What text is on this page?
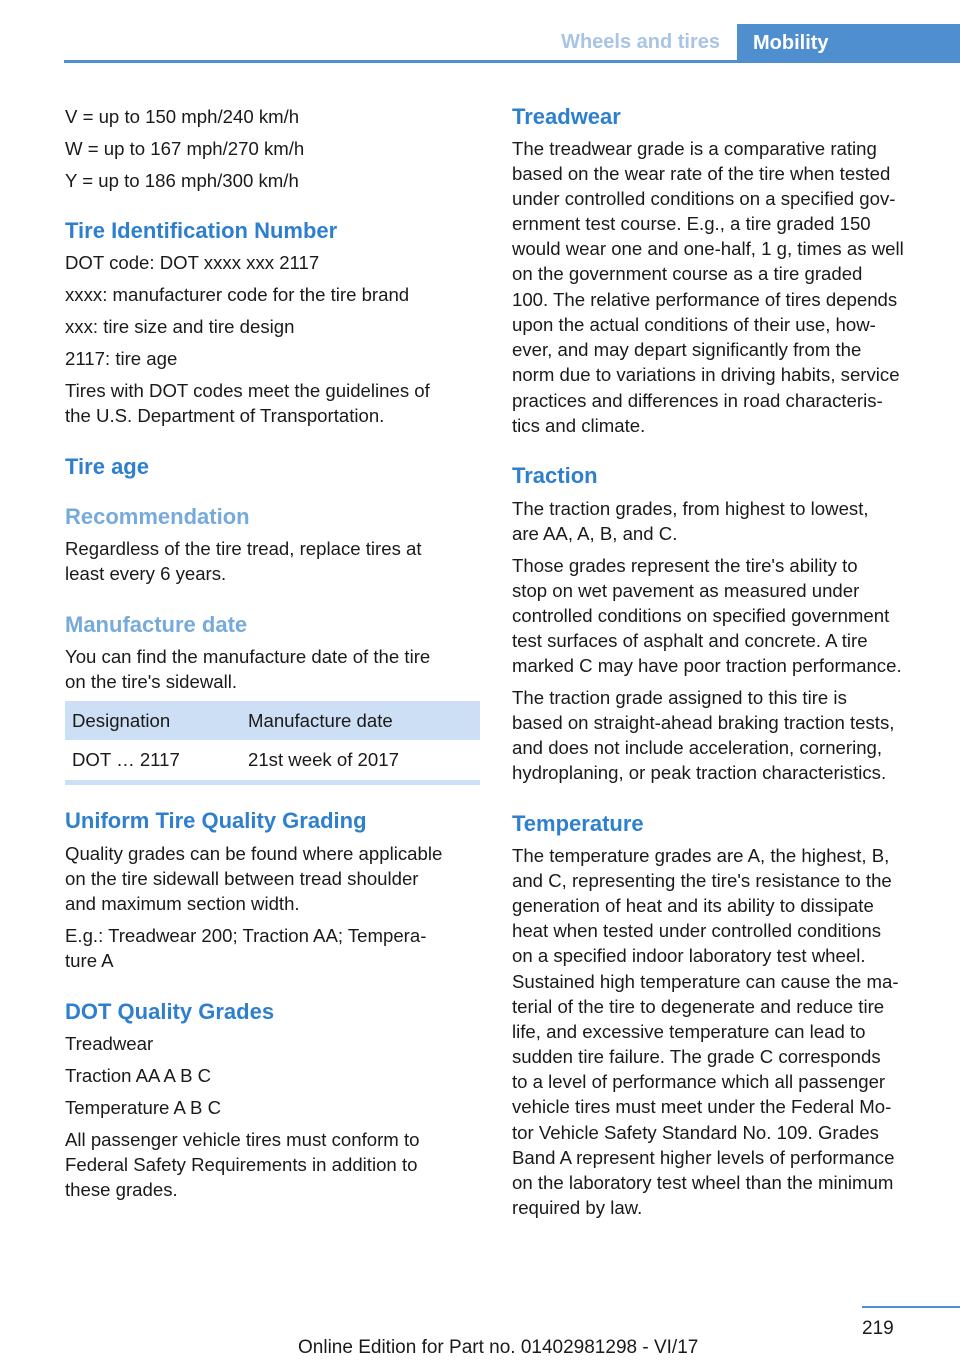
Wheels and tires	Mobility
V = up to 150 mph/240 km/h
W = up to 167 mph/270 km/h
Y = up to 186 mph/300 km/h
Tire Identification Number
DOT code: DOT xxxx xxx 2117
xxxx: manufacturer code for the tire brand
xxx: tire size and tire design
2117: tire age
Tires with DOT codes meet the guidelines of
the U.S. Department of Transportation.
Tire age
Recommendation
Regardless of the tire tread, replace tires at
least every 6 years.
Manufacture date
You can find the manufacture date of the tire
on the tire's sidewall.
Designation	Manufacture date
DOT … 2117	21st week of 2017
Uniform Tire Quality Grading
Quality grades can be found where applicable
on the tire sidewall between tread shoulder
and maximum section width.
E.g.: Treadwear 200; Traction AA; Tempera‐
ture A
DOT Quality Grades
Treadwear
Traction AA A B C
Temperature A B C
All passenger vehicle tires must conform to
Federal Safety Requirements in addition to
these grades.
Treadwear
The treadwear grade is a comparative rating
based on the wear rate of the tire when tested
under controlled conditions on a specified gov‐
ernment test course. E.g., a tire graded 150
would wear one and one-half, 1 g, times as well
on the government course as a tire graded
100. The relative performance of tires depends
upon the actual conditions of their use, how‐
ever, and may depart significantly from the
norm due to variations in driving habits, service
practices and differences in road characteris‐
tics and climate.
Traction
The traction grades, from highest to lowest,
are AA, A, B, and C.
Those grades represent the tire's ability to
stop on wet pavement as measured under
controlled conditions on specified government
test surfaces of asphalt and concrete. A tire
marked C may have poor traction performance.
The traction grade assigned to this tire is
based on straight-ahead braking traction tests,
and does not include acceleration, cornering,
hydroplaning, or peak traction characteristics.
Temperature
The temperature grades are A, the highest, B,
and C, representing the tire's resistance to the
generation of heat and its ability to dissipate
heat when tested under controlled conditions
on a specified indoor laboratory test wheel.
Sustained high temperature can cause the ma‐
terial of the tire to degenerate and reduce tire
life, and excessive temperature can lead to
sudden tire failure. The grade C corresponds
to a level of performance which all passenger
vehicle tires must meet under the Federal Mo‐
tor Vehicle Safety Standard No. 109. Grades
Band A represent higher levels of performance
on the laboratory test wheel than the minimum
required by law.
219
Online Edition for Part no. 01402981298 - VI/17
